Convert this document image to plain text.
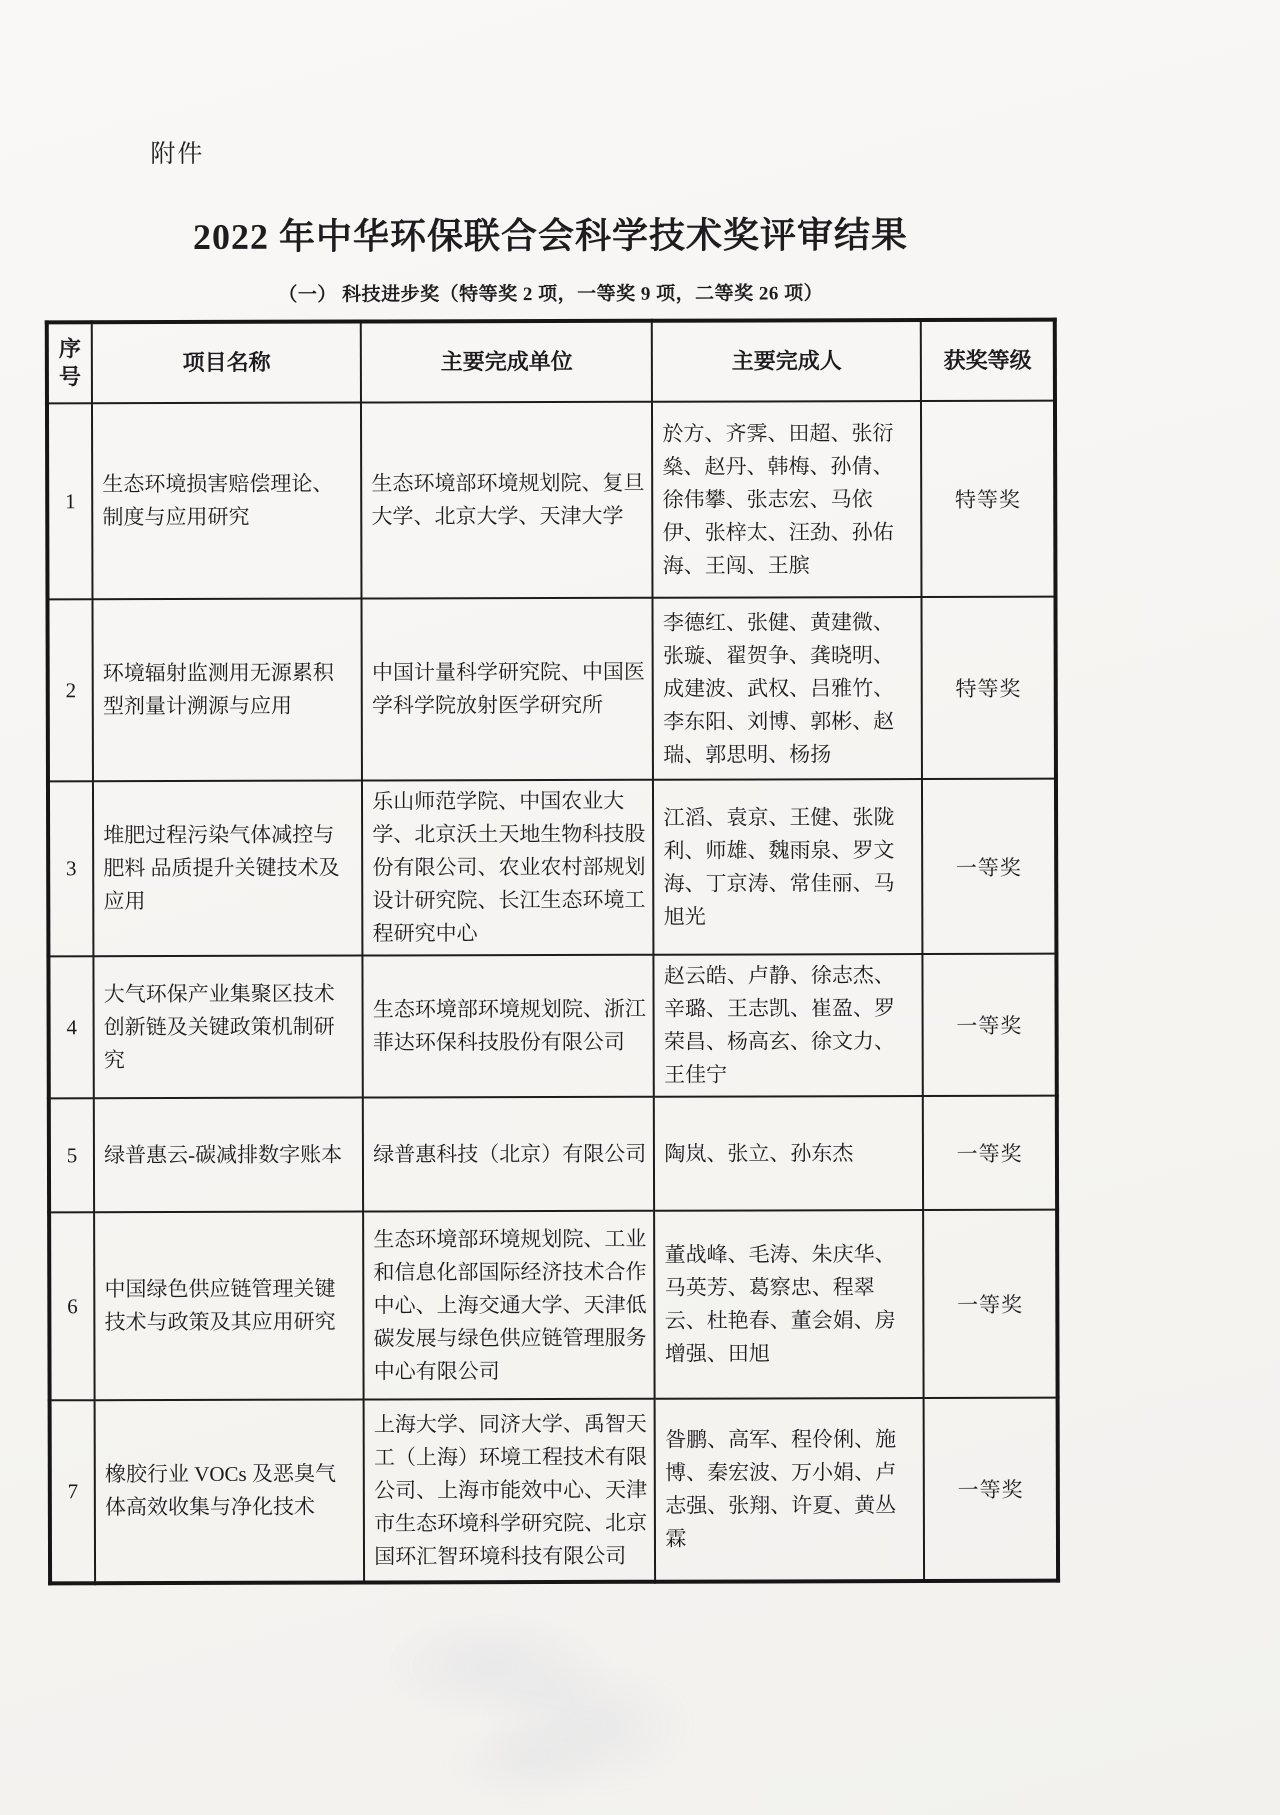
附件
2022 年中华环保联合会科学技术奖评审结果
（一） 科技进步奖（特等奖 2 项，一等奖 9 项，二等奖 26 项）
序号	项目名称	主要完成单位	主要完成人	获奖等级
1	生态环境损害赔偿理论、制度与应用研究	生态环境部环境规划院、复旦大学、北京大学、天津大学	於方、齐霁、田超、张衍燊、赵丹、韩梅、孙倩、徐伟攀、张志宏、马依伊、张梓太、汪劲、孙佑海、王闯、王膑	特等奖
2	环境辐射监测用无源累积型剂量计溯源与应用	中国计量科学研究院、中国医学科学院放射医学研究所	李德红、张健、黄建微、张璇、翟贺争、龚晓明、成建波、武权、吕雅竹、李东阳、刘博、郭彬、赵瑞、郭思明、杨扬	特等奖
3	堆肥过程污染气体减控与肥料 品质提升关键技术及应用	乐山师范学院、中国农业大学、北京沃土天地生物科技股份有限公司、农业农村部规划设计研究院、长江生态环境工程研究中心	江滔、袁京、王健、张陇利、师雄、魏雨泉、罗文海、丁京涛、常佳丽、马旭光	一等奖
4	大气环保产业集聚区技术创新链及关键政策机制研究	生态环境部环境规划院、浙江菲达环保科技股份有限公司	赵云皓、卢静、徐志杰、辛璐、王志凯、崔盈、罗荣昌、杨高玄、徐文力、王佳宁	一等奖
5	绿普惠云-碳减排数字账本	绿普惠科技（北京）有限公司	陶岚、张立、孙东杰	一等奖
6	中国绿色供应链管理关键技术与政策及其应用研究	生态环境部环境规划院、工业和信息化部国际经济技术合作中心、上海交通大学、天津低碳发展与绿色供应链管理服务中心有限公司	董战峰、毛涛、朱庆华、马英芳、葛察忠、程翠云、杜艳春、董会娟、房增强、田旭	一等奖
7	橡胶行业 VOCs 及恶臭气体高效收集与净化技术	上海大学、同济大学、禹智天工（上海）环境工程技术有限公司、上海市能效中心、天津市生态环境科学研究院、北京国环汇智环境科技有限公司	昝鹏、高军、程伶俐、施博、秦宏波、万小娟、卢志强、张翔、许夏、黄丛霖	一等奖
